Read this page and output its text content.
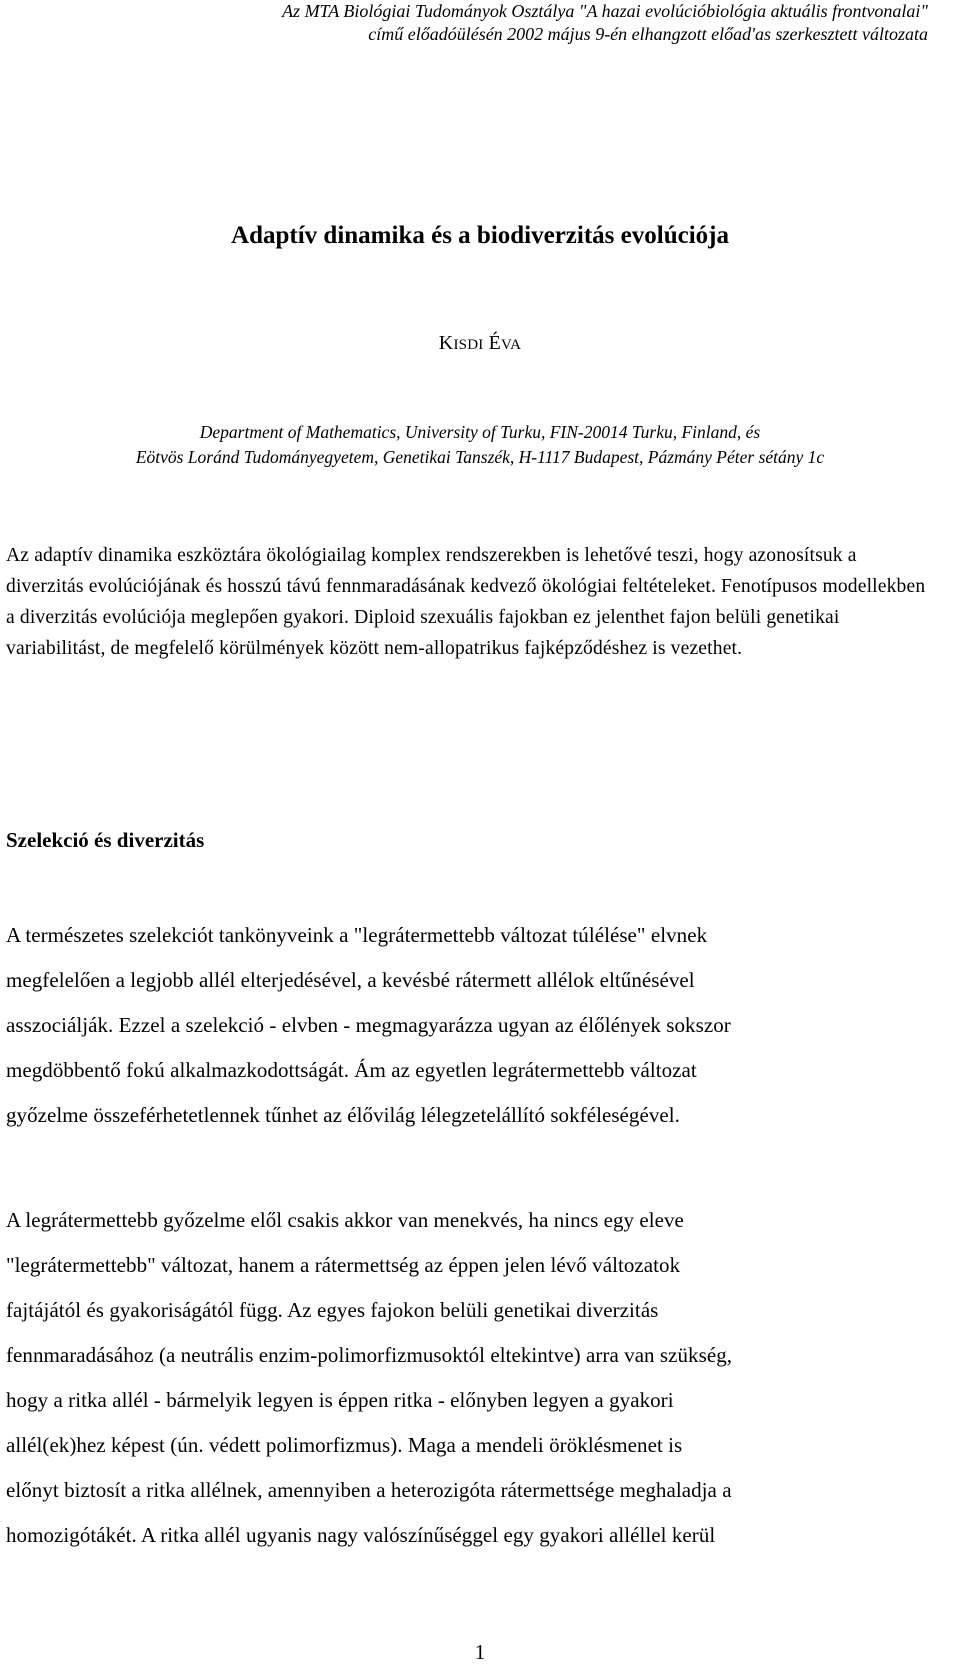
Az MTA Biológiai Tudományok Osztálya "A hazai evolúcióbiológia aktuális frontvonalai"
című előadóülésén 2002 május 9-én elhangzott előad'as szerkesztett változata
Adaptív dinamika és a biodiverzitás evolúciója
KISDI ÉVA
Department of Mathematics, University of Turku, FIN-20014 Turku, Finland, és
Eötvös Loránd Tudományegyetem, Genetikai Tanszék, H-1117 Budapest, Pázmány Péter sétány 1c

Az adaptív dinamika eszköztára ökológiailag komplex rendszerekben is lehetővé teszi, hogy azonosítsuk a diverzitás evolúciójának és hosszú távú fennmaradásának kedvező ökológiai feltételeket. Fenotípusos modellekben a diverzitás evolúciója meglepően gyakori. Diploid szexuális fajokban ez jelenthet fajon belüli genetikai variabilitást, de megfelelő körülmények között nem-allopatrikus fajképződéshez is vezethet.

Szelekció és diverzitás
A természetes szelekciót tankönyveink a "legrátermettebb változat túlélése" elvnek
megfelelően a legjobb allél elterjedésével, a kevésbé rátermett allélok eltűnésével
asszociálják. Ezzel a szelekció - elvben - megmagyarázza ugyan az élőlények sokszor
megdöbbentő fokú alkalmazkodottságát. Ám az egyetlen legrátermettebb változat
győzelme összeférhetetlennek tűnhet az élővilág lélegzetelállító sokféleségével.
A legrátermettebb győzelme elől csakis akkor van menekvés, ha nincs egy eleve
"legrátermettebb" változat, hanem a rátermettség az éppen jelen lévő változatok
fajtájától és gyakoriságától függ. Az egyes fajokon belüli genetikai diverzitás
fennmaradásához (a neutrális enzim-polimorfizmusoktól eltekintve) arra van szükség,
hogy a ritka allél - bármelyik legyen is éppen ritka - előnyben legyen a gyakori
allél(ek)hez képest (ún. védett polimorfizmus). Maga a mendeli öröklésmenet is
előnyt biztosít a ritka allélnek, amennyiben a heterozigóta rátermettsége meghaladja a
homozigótákét. A ritka allél ugyanis nagy valószínűséggel egy gyakori alléllel kerül
1
